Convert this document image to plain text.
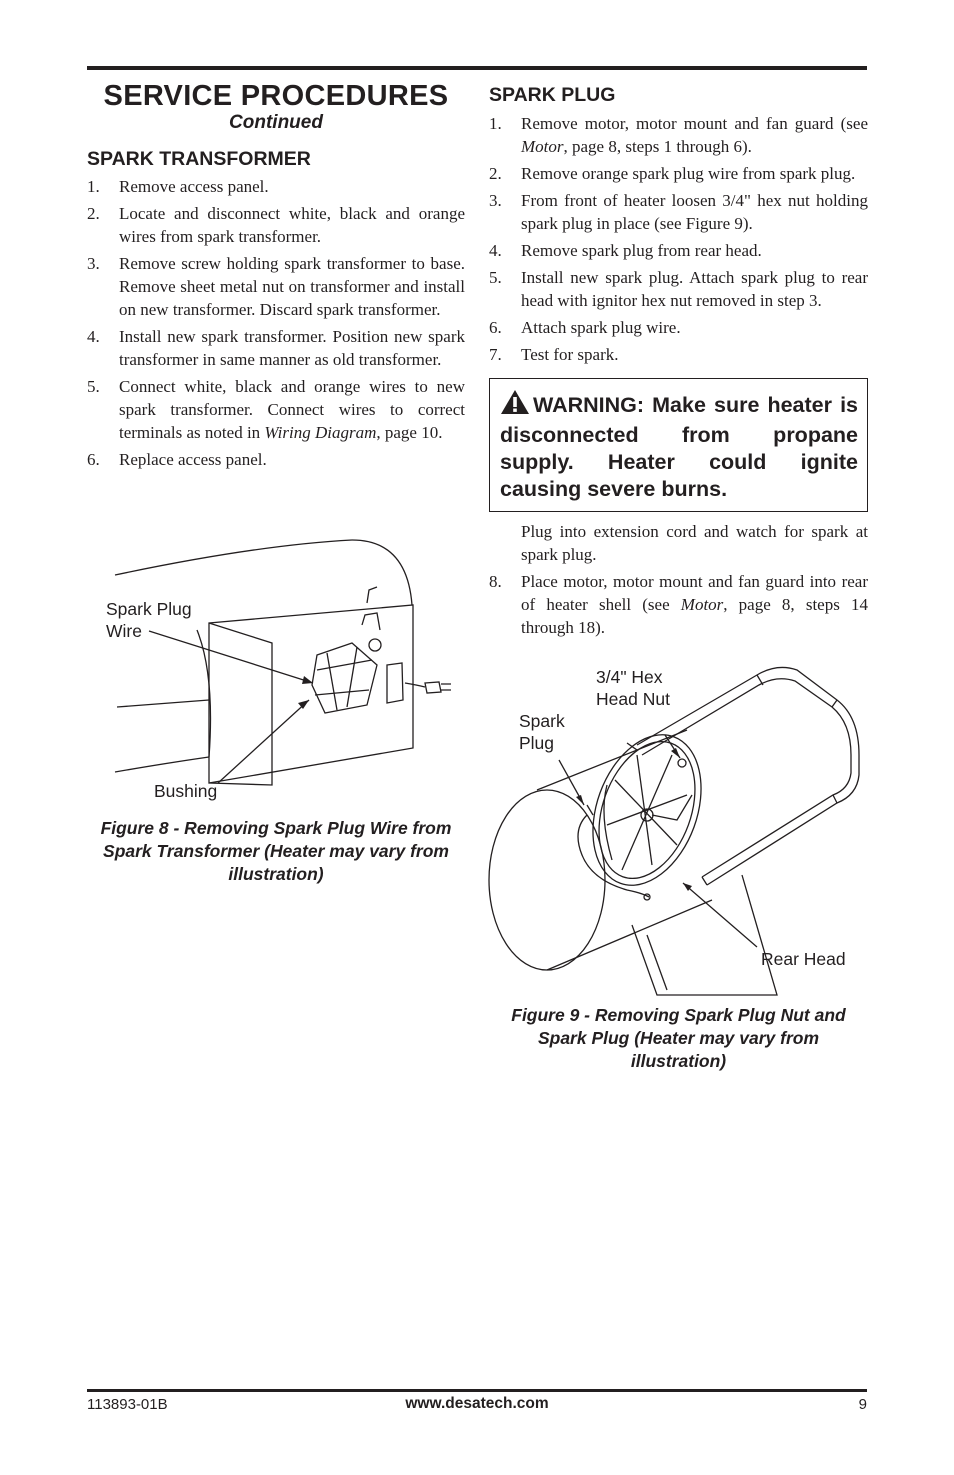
SERVICE PROCEDURES
Continued
SPARK TRANSFORMER
1. Remove access panel.
2. Locate and disconnect white, black and orange wires from spark transformer.
3. Remove screw holding spark transformer to base. Remove sheet metal nut on transformer and install on new transformer. Discard spark transformer.
4. Install new spark transformer. Position new spark transformer in same manner as old transformer.
5. Connect white, black and orange wires to new spark transformer. Connect wires to correct terminals as noted in Wiring Diagram, page 10.
6. Replace access panel.
Spark Plug
Wire
Bushing
Figure 8 - Removing Spark Plug Wire from Spark Transformer (Heater may vary from illustration)
SPARK PLUG
1. Remove motor, motor mount and fan guard (see Motor, page 8, steps 1 through 6).
2. Remove orange spark plug wire from spark plug.
3. From front of heater loosen 3/4" hex nut holding spark plug in place (see Figure 9).
4. Remove spark plug from rear head.
5. Install new spark plug. Attach spark plug to rear head with ignitor hex nut removed in step 3.
6. Attach spark plug wire.
7. Test for spark.
WARNING: Make sure heater is disconnected from propane supply. Heater could ignite causing severe burns.
Plug into extension cord and watch for spark at spark plug.
8. Place motor, motor mount and fan guard into rear of heater shell (see Motor, page 8, steps 14 through 18).
3/4" Hex
Head Nut
Spark
Plug
Rear Head
Figure 9 - Removing Spark Plug Nut and Spark Plug (Heater may vary from illustration)
113893-01B	www.desatech.com	9
